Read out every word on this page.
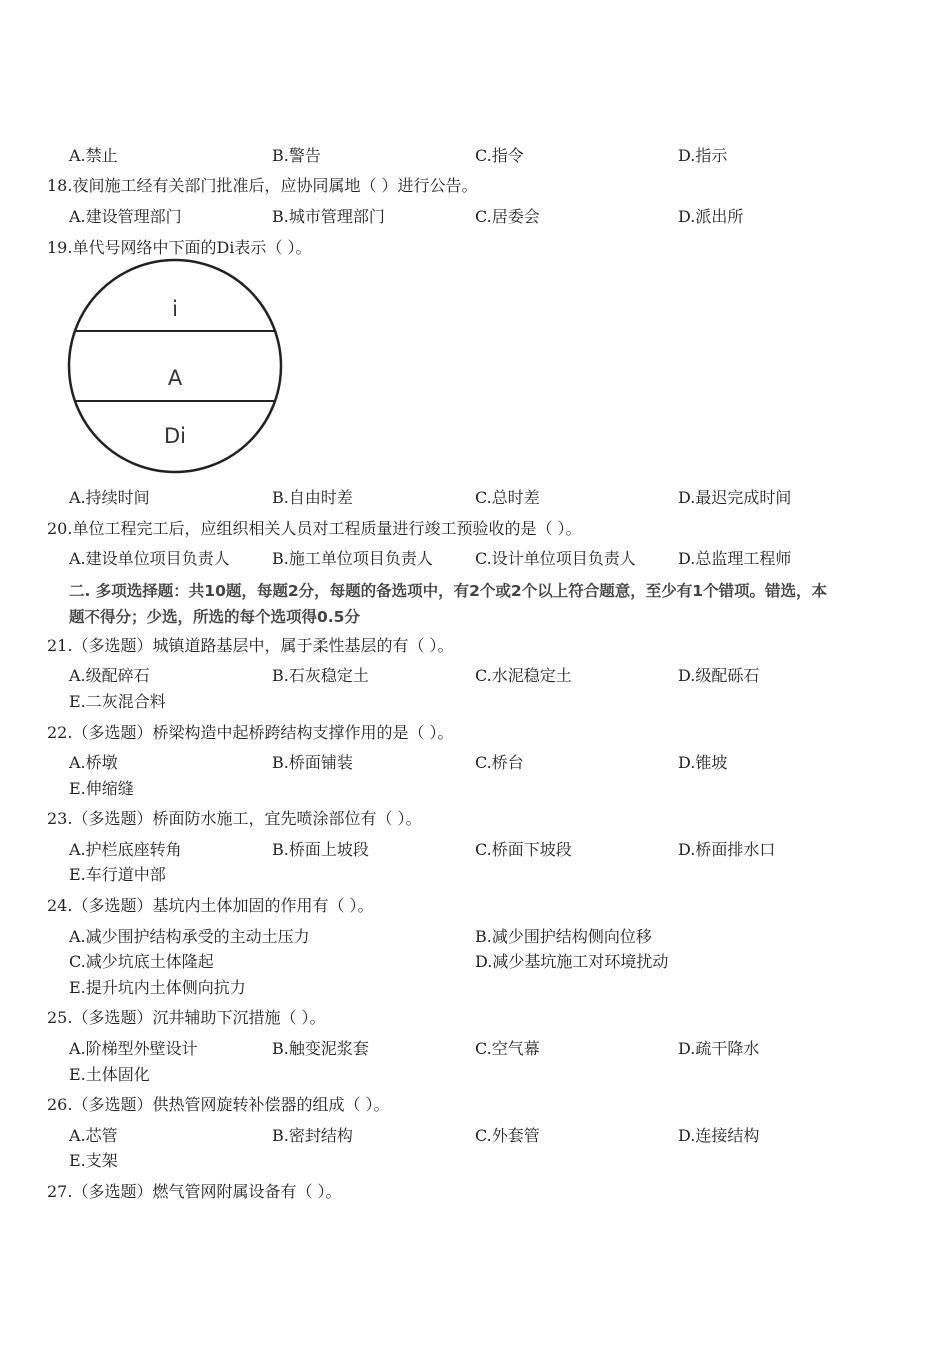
A.禁止	B.警告	C.指令	D.指示
18.夜间施工经有关部门批准后，应协同属地（ ）进行公告。
A.建设管理部门	B.城市管理部门	C.居委会	D.派出所
19.单代号网络中下面的Di表示（ ）。
i
A
Di
A.持续时间	B.自由时差	C.总时差	D.最迟完成时间
20.单位工程完工后，应组织相关人员对工程质量进行竣工预验收的是（ ）。
A.建设单位项目负责人	B.施工单位项目负责人	C.设计单位项目负责人	D.总监理工程师
二. 多项选择题：共10题，每题2分，每题的备选项中，有2个或2个以上符合题意，至少有1个错项。错选，本
题不得分；少选，所选的每个选项得0.5分
21.（多选题）城镇道路基层中，属于柔性基层的有（ ）。
A.级配碎石	B.石灰稳定土	C.水泥稳定土	D.级配砾石
E.二灰混合料
22.（多选题）桥梁构造中起桥跨结构支撑作用的是（ ）。
A.桥墩	B.桥面铺装	C.桥台	D.锥坡
E.伸缩缝
23.（多选题）桥面防水施工，宜先喷涂部位有（ ）。
A.护栏底座转角	B.桥面上坡段	C.桥面下坡段	D.桥面排水口
E.车行道中部
24.（多选题）基坑内土体加固的作用有（ ）。
A.减少围护结构承受的主动土压力	B.减少围护结构侧向位移
C.减少坑底土体隆起	D.减少基坑施工对环境扰动
E.提升坑内土体侧向抗力
25.（多选题）沉井辅助下沉措施（ ）。
A.阶梯型外壁设计	B.触变泥浆套	C.空气幕	D.疏干降水
E.土体固化
26.（多选题）供热管网旋转补偿器的组成（ ）。
A.芯管	B.密封结构	C.外套管	D.连接结构
E.支架
27.（多选题）燃气管网附属设备有（ ）。
